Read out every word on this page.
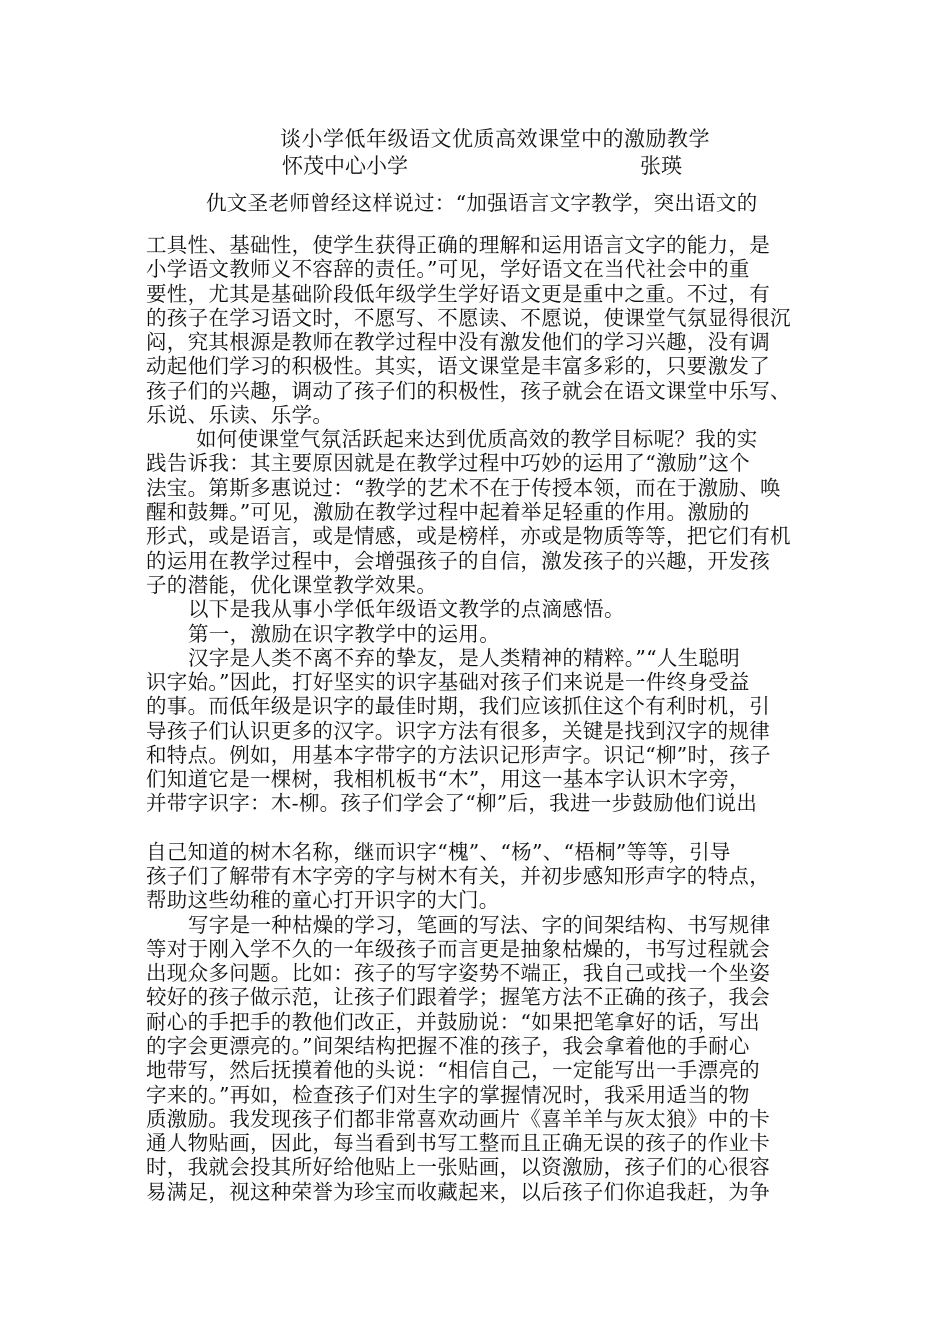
谈小学低年级语文优质高效课堂中的激励教学
怀茂中心小学	张瑛
仇文圣老师曾经这样说过：“加强语言文字教学，突出语文的
工具性、基础性，使学生获得正确的理解和运用语言文字的能力，是
小学语文教师义不容辞的责任。”可见，学好语文在当代社会中的重
要性，尤其是基础阶段低年级学生学好语文更是重中之重。不过，有
的孩子在学习语文时，不愿写、不愿读、不愿说，使课堂气氛显得很沉
闷，究其根源是教师在教学过程中没有激发他们的学习兴趣，没有调
动起他们学习的积极性。其实，语文课堂是丰富多彩的，只要激发了
孩子们的兴趣，调动了孩子们的积极性，孩子就会在语文课堂中乐写、
乐说、乐读、乐学。
如何使课堂气氛活跃起来达到优质高效的教学目标呢？我的实
践告诉我：其主要原因就是在教学过程中巧妙的运用了“激励”这个
法宝。第斯多惠说过：“教学的艺术不在于传授本领，而在于激励、唤
醒和鼓舞。”可见，激励在教学过程中起着举足轻重的作用。激励的
形式，或是语言，或是情感，或是榜样，亦或是物质等等，把它们有机
的运用在教学过程中，会增强孩子的自信，激发孩子的兴趣，开发孩
子的潜能，优化课堂教学效果。
以下是我从事小学低年级语文教学的点滴感悟。
第一，激励在识字教学中的运用。
汉字是人类不离不弃的挚友，是人类精神的精粹。”“人生聪明
识字始。”因此，打好坚实的识字基础对孩子们来说是一件终身受益
的事。而低年级是识字的最佳时期，我们应该抓住这个有利时机，引
导孩子们认识更多的汉字。识字方法有很多，关键是找到汉字的规律
和特点。例如，用基本字带字的方法识记形声字。识记“柳”时，孩子
们知道它是一棵树，我相机板书“木”，用这一基本字认识木字旁，
并带字识字：木-柳。孩子们学会了“柳”后，我进一步鼓励他们说出
自己知道的树木名称，继而识字“槐”、“杨”、“梧桐”等等，引导
孩子们了解带有木字旁的字与树木有关，并初步感知形声字的特点，
帮助这些幼稚的童心打开识字的大门。
写字是一种枯燥的学习，笔画的写法、字的间架结构、书写规律
等对于刚入学不久的一年级孩子而言更是抽象枯燥的，书写过程就会
出现众多问题。比如：孩子的写字姿势不端正，我自己或找一个坐姿
较好的孩子做示范，让孩子们跟着学；握笔方法不正确的孩子，我会
耐心的手把手的教他们改正，并鼓励说：“如果把笔拿好的话，写出
的字会更漂亮的。”间架结构把握不准的孩子，我会拿着他的手耐心
地带写，然后抚摸着他的头说：“相信自己，一定能写出一手漂亮的
字来的。”再如，检查孩子们对生字的掌握情况时，我采用适当的物
质激励。我发现孩子们都非常喜欢动画片《喜羊羊与灰太狼》中的卡
通人物贴画，因此，每当看到书写工整而且正确无误的孩子的作业卡
时，我就会投其所好给他贴上一张贴画，以资激励，孩子们的心很容
易满足，视这种荣誉为珍宝而收藏起来，以后孩子们你追我赶，为争
